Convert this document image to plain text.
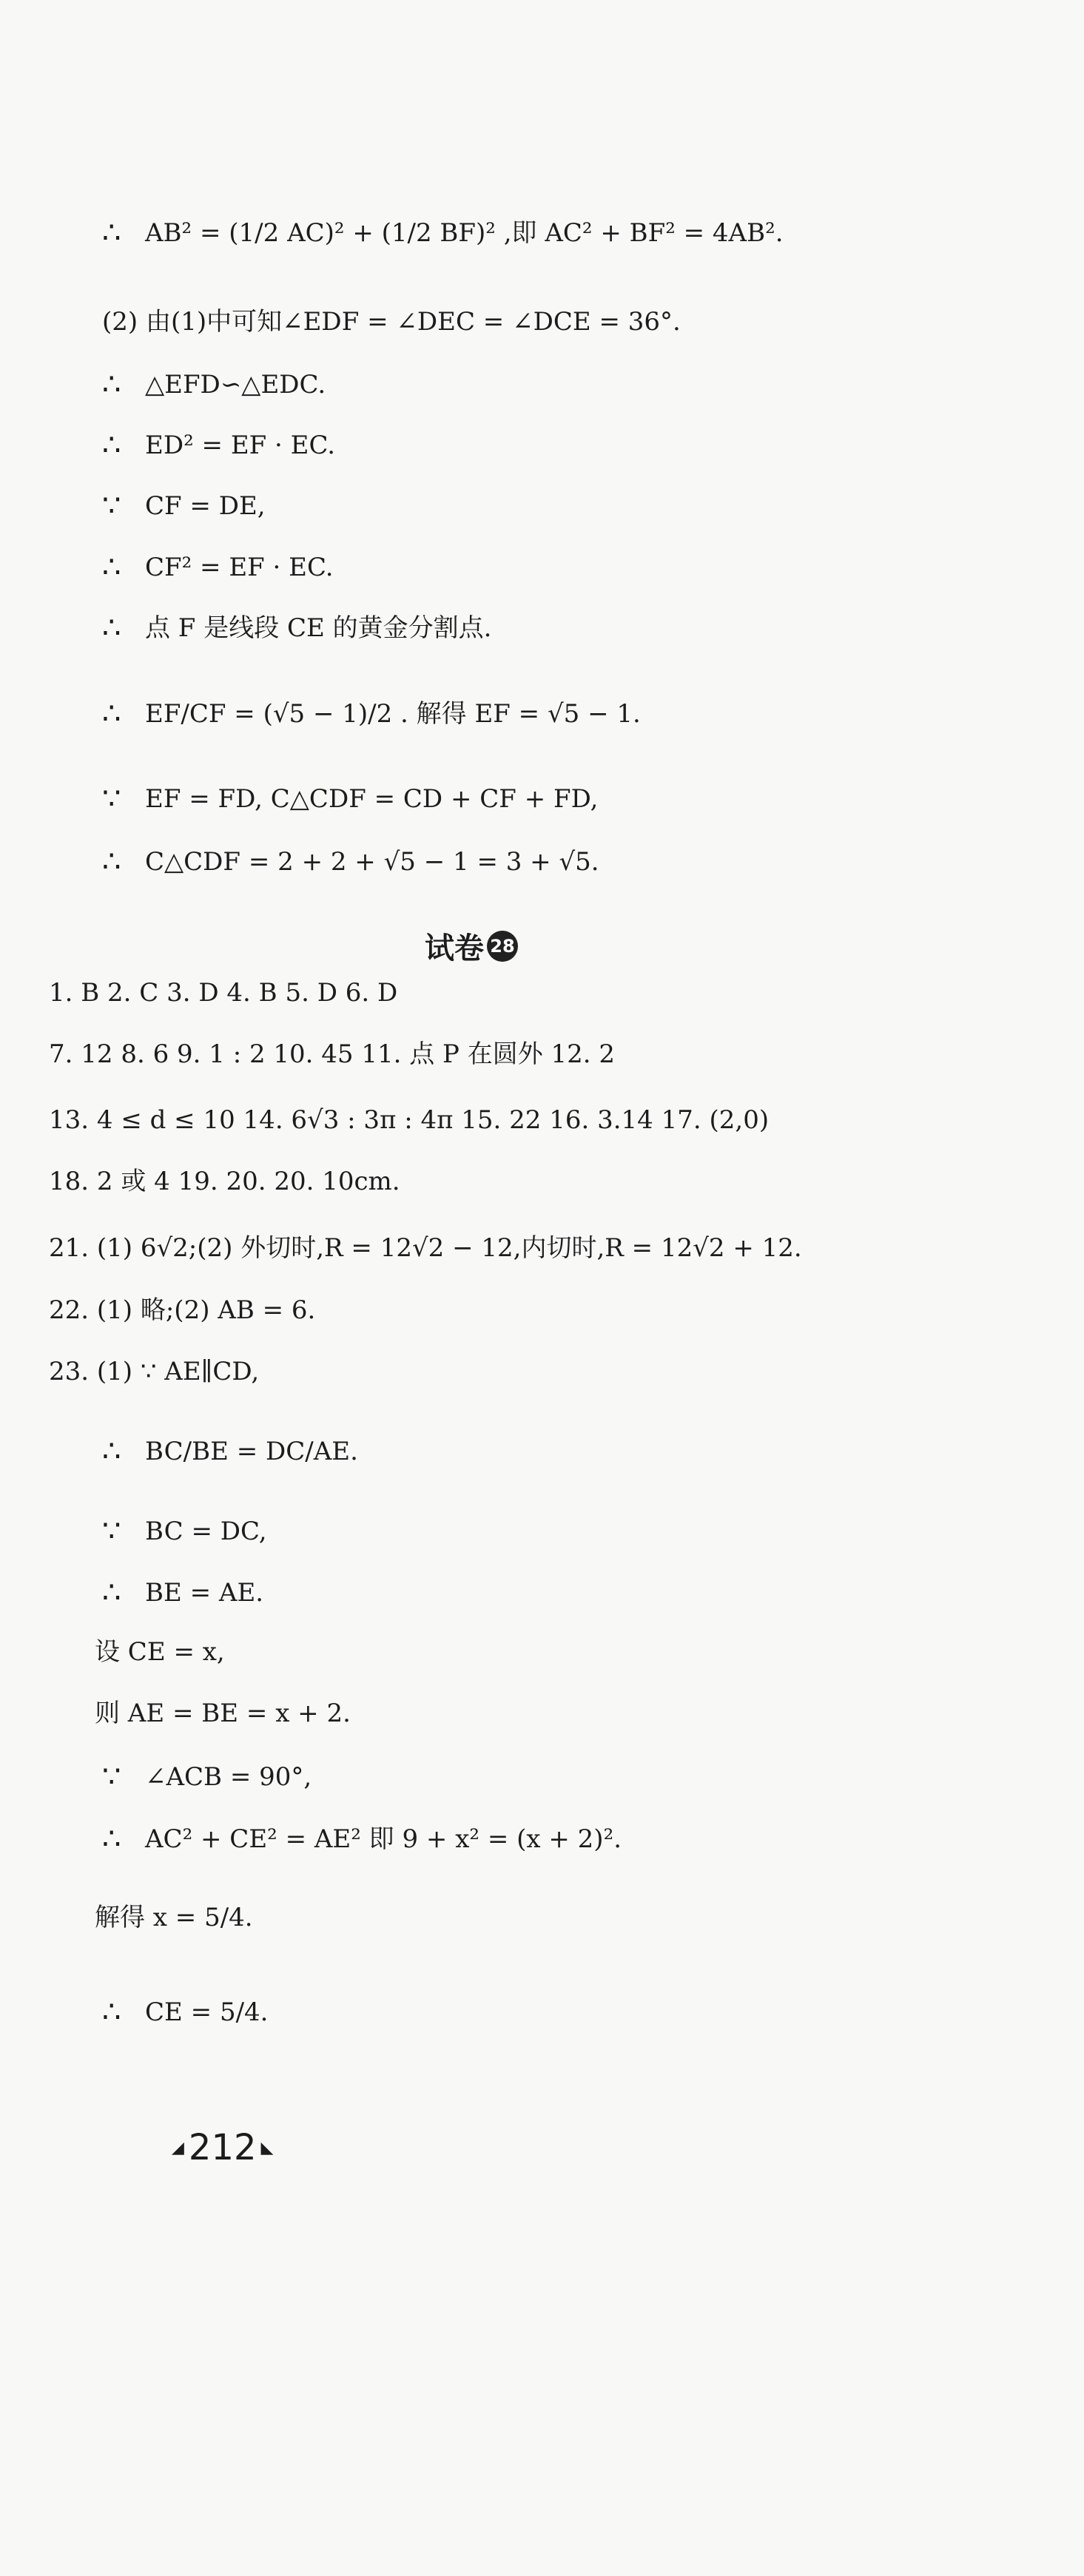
∴ AB² = (1/2 AC)² + (1/2 BF)² ,即 AC² + BF² = 4AB².
(2) 由(1)中可知∠EDF = ∠DEC = ∠DCE = 36°.
∴ △EFD∽△EDC.
∴ ED² = EF · EC.
∵ CF = DE,
∴ CF² = EF · EC.
∴ 点 F 是线段 CE 的黄金分割点.
∴ EF/CF = (√5 − 1)/2 . 解得 EF = √5 − 1.
∵ EF = FD, C△CDF = CD + CF + FD,
∴ C△CDF = 2 + 2 + √5 − 1 = 3 + √5.
试卷 28
1. B 2. C 3. D 4. B 5. D 6. D
7. 12 8. 6 9. 1 : 2 10. 45 11. 点 P 在圆外 12. 2
13. 4 ≤ d ≤ 10 14. 6√3 : 3π : 4π 15. 22 16. 3.14 17. (2,0)
18. 2 或 4 19. 20. 20. 10cm.
21. (1) 6√2;(2) 外切时,R = 12√2 − 12,内切时,R = 12√2 + 12.
22. (1) 略;(2) AB = 6.
23. (1) ∵ AE∥CD,
∴ BC/BE = DC/AE.
∵ BC = DC,
∴ BE = AE.
设 CE = x,
则 AE = BE = x + 2.
∵ ∠ACB = 90°,
∴ AC² + CE² = AE² 即 9 + x² = (x + 2)².
解得 x = 5/4.
∴ CE = 5/4.
◢ 212 ◣
